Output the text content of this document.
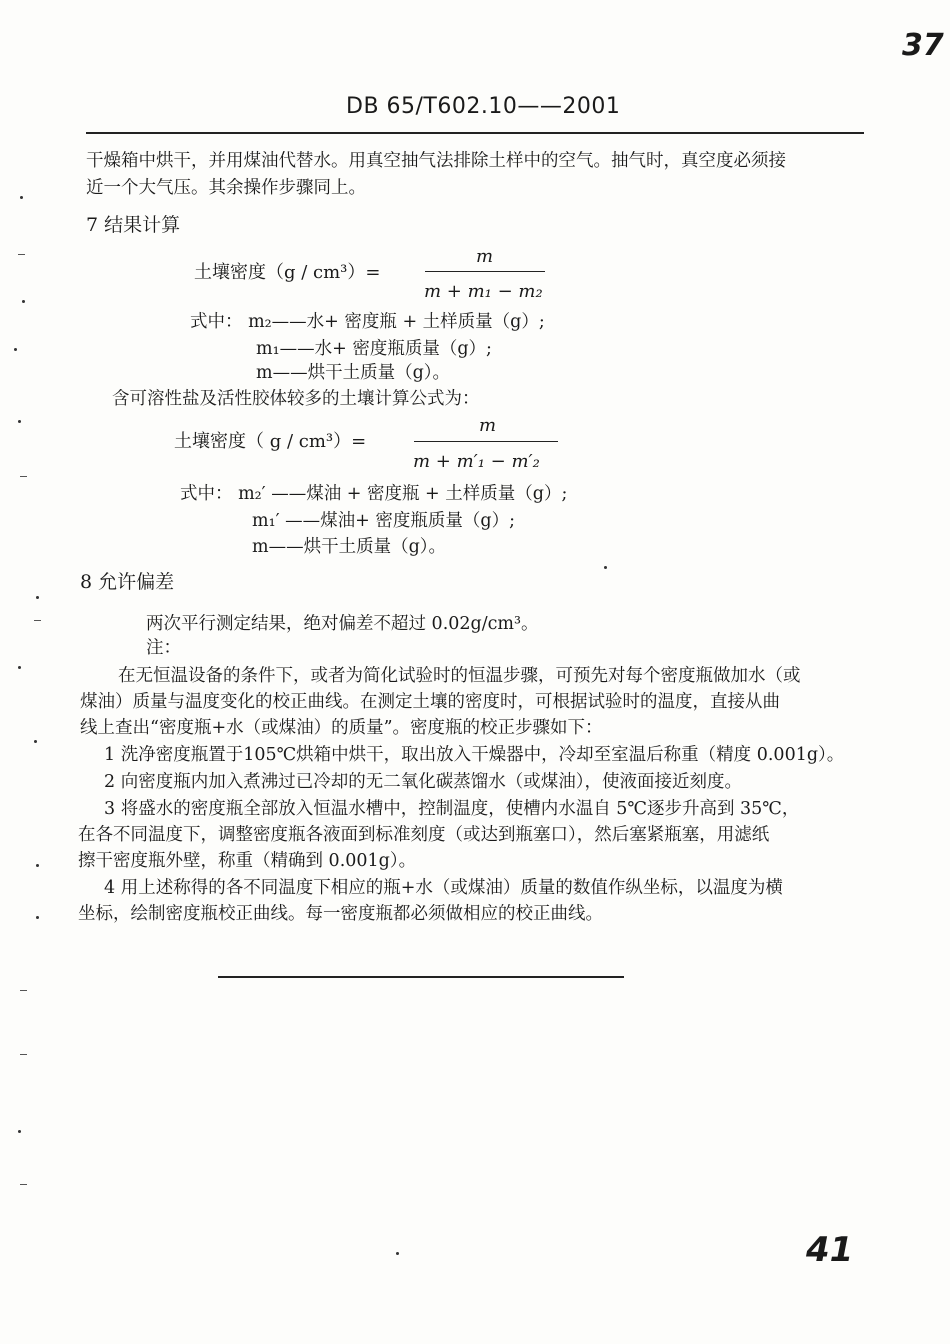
37
DB 65/T602.10——2001
干燥箱中烘干，并用煤油代替水。用真空抽气法排除土样中的空气。抽气时，真空度必须接
近一个大气压。其余操作步骤同上。
7 结果计算
土壤密度（g / cm³）=
m
m + m₁ − m₂
式中： m₂——水+ 密度瓶 + 土样质量（g）;
m₁——水+ 密度瓶质量（g）;
m——烘干土质量（g）。
含可溶性盐及活性胶体较多的土壤计算公式为：
土壤密度（ g / cm³）=
m
m + m′₁ − m′₂
式中： m₂′ ——煤油 + 密度瓶 + 土样质量（g）;
m₁′ ——煤油+ 密度瓶质量（g）;
m——烘干土质量（g）。
8 允许偏差
两次平行测定结果，绝对偏差不超过 0.02g/cm³。
注：
在无恒温设备的条件下，或者为简化试验时的恒温步骤，可预先对每个密度瓶做加水（或
煤油）质量与温度变化的校正曲线。在测定土壤的密度时，可根据试验时的温度，直接从曲
线上查出“密度瓶+水（或煤油）的质量”。密度瓶的校正步骤如下：
1 洗净密度瓶置于105℃烘箱中烘干，取出放入干燥器中，冷却至室温后称重（精度 0.001g）。
2 向密度瓶内加入煮沸过已冷却的无二氧化碳蒸馏水（或煤油），使液面接近刻度。
3 将盛水的密度瓶全部放入恒温水槽中，控制温度，使槽内水温自 5℃逐步升高到 35℃，
在各不同温度下，调整密度瓶各液面到标准刻度（或达到瓶塞口），然后塞紧瓶塞，用滤纸
擦干密度瓶外壁，称重（精确到 0.001g）。
4 用上述称得的各不同温度下相应的瓶+水（或煤油）质量的数值作纵坐标，以温度为横
坐标，绘制密度瓶校正曲线。每一密度瓶都必须做相应的校正曲线。
41
